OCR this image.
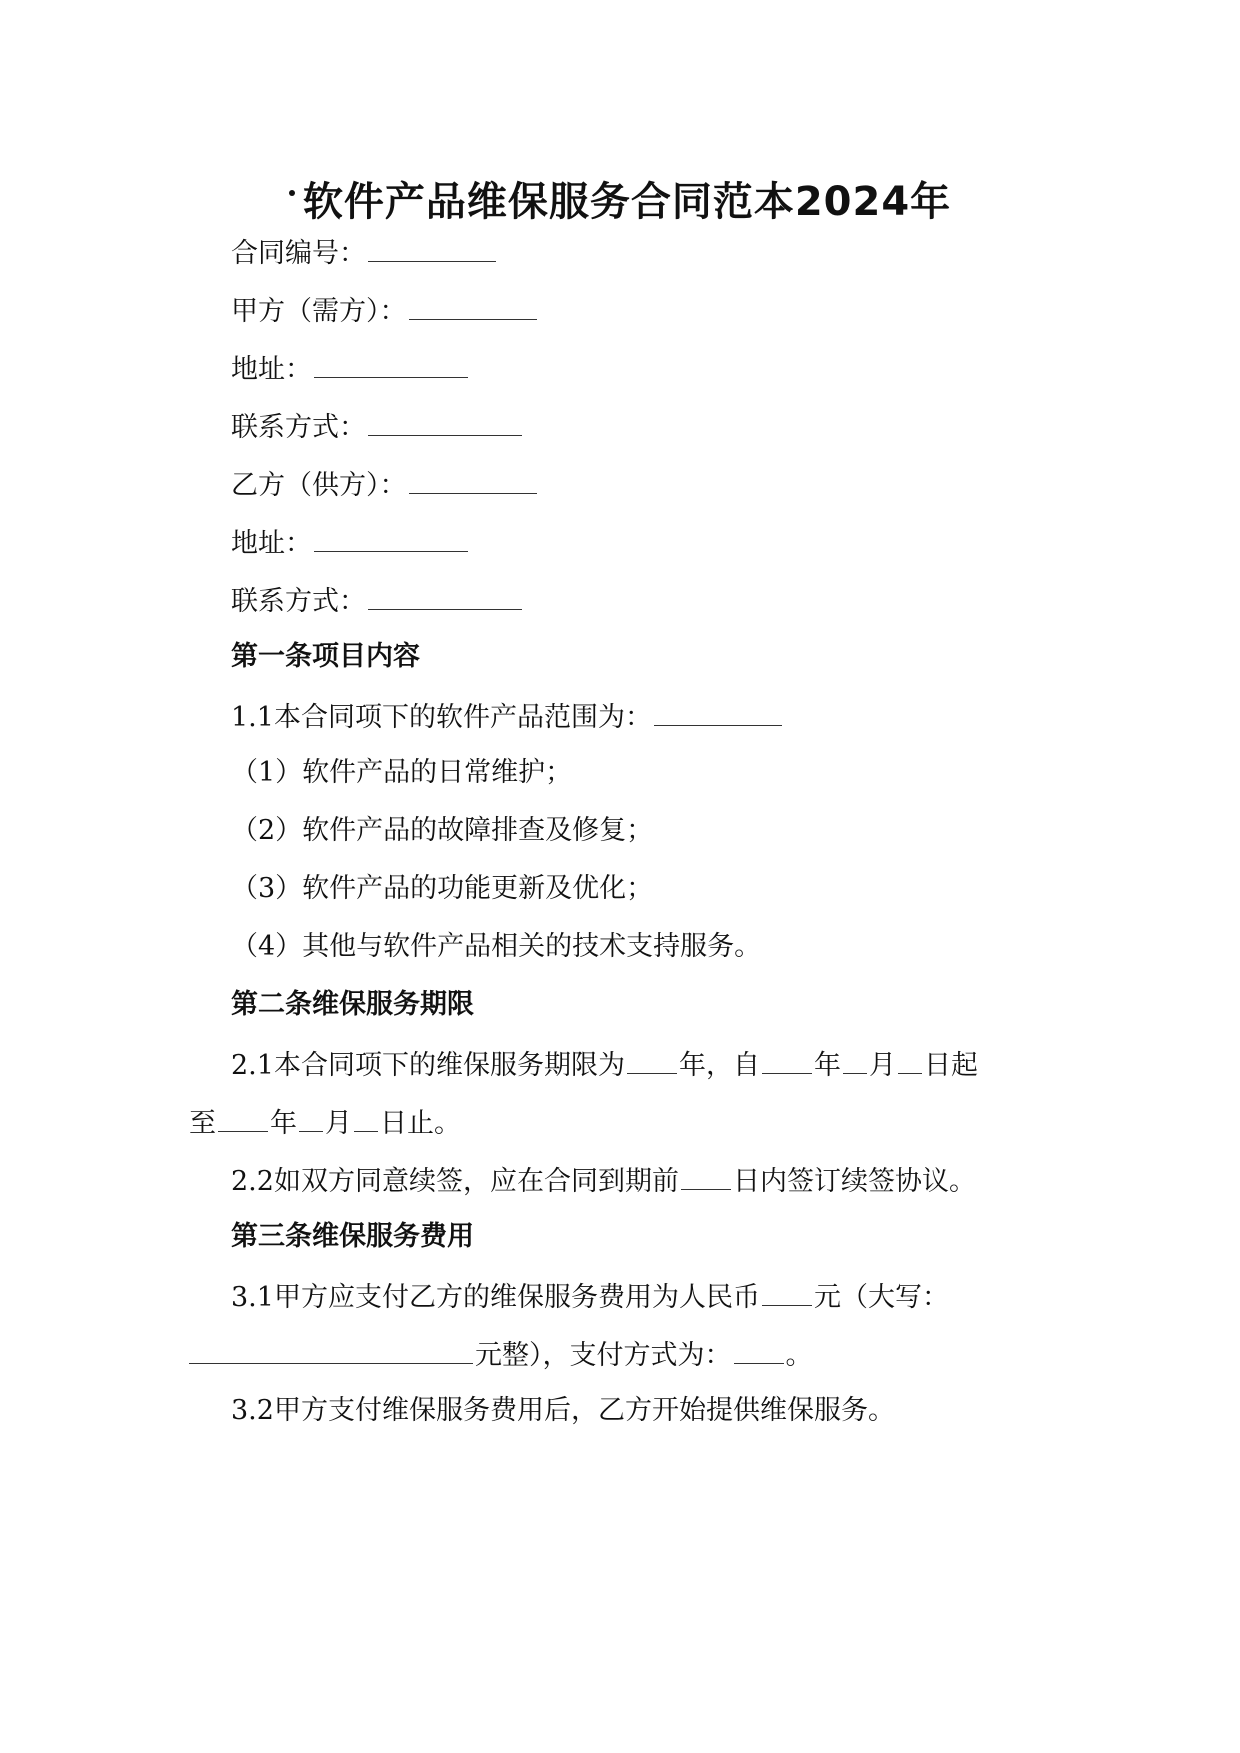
软件产品维保服务合同范本2024年
合同编号：
甲方（需方）：
地址：
联系方式：
乙方（供方）：
地址：
联系方式：
第一条项目内容
1.1本合同项下的软件产品范围为：
（1）软件产品的日常维护；
（2）软件产品的故障排查及修复；
（3）软件产品的功能更新及优化；
（4）其他与软件产品相关的技术支持服务。
第二条维保服务期限
2.1本合同项下的维保服务期限为 年，自 年 月 日起
至 年 月 日止。
2.2如双方同意续签，应在合同到期前 日内签订续签协议。
第三条维保服务费用
3.1甲方应支付乙方的维保服务费用为人民币 元（大写：
元整），支付方式为： 。
3.2甲方支付维保服务费用后，乙方开始提供维保服务。
